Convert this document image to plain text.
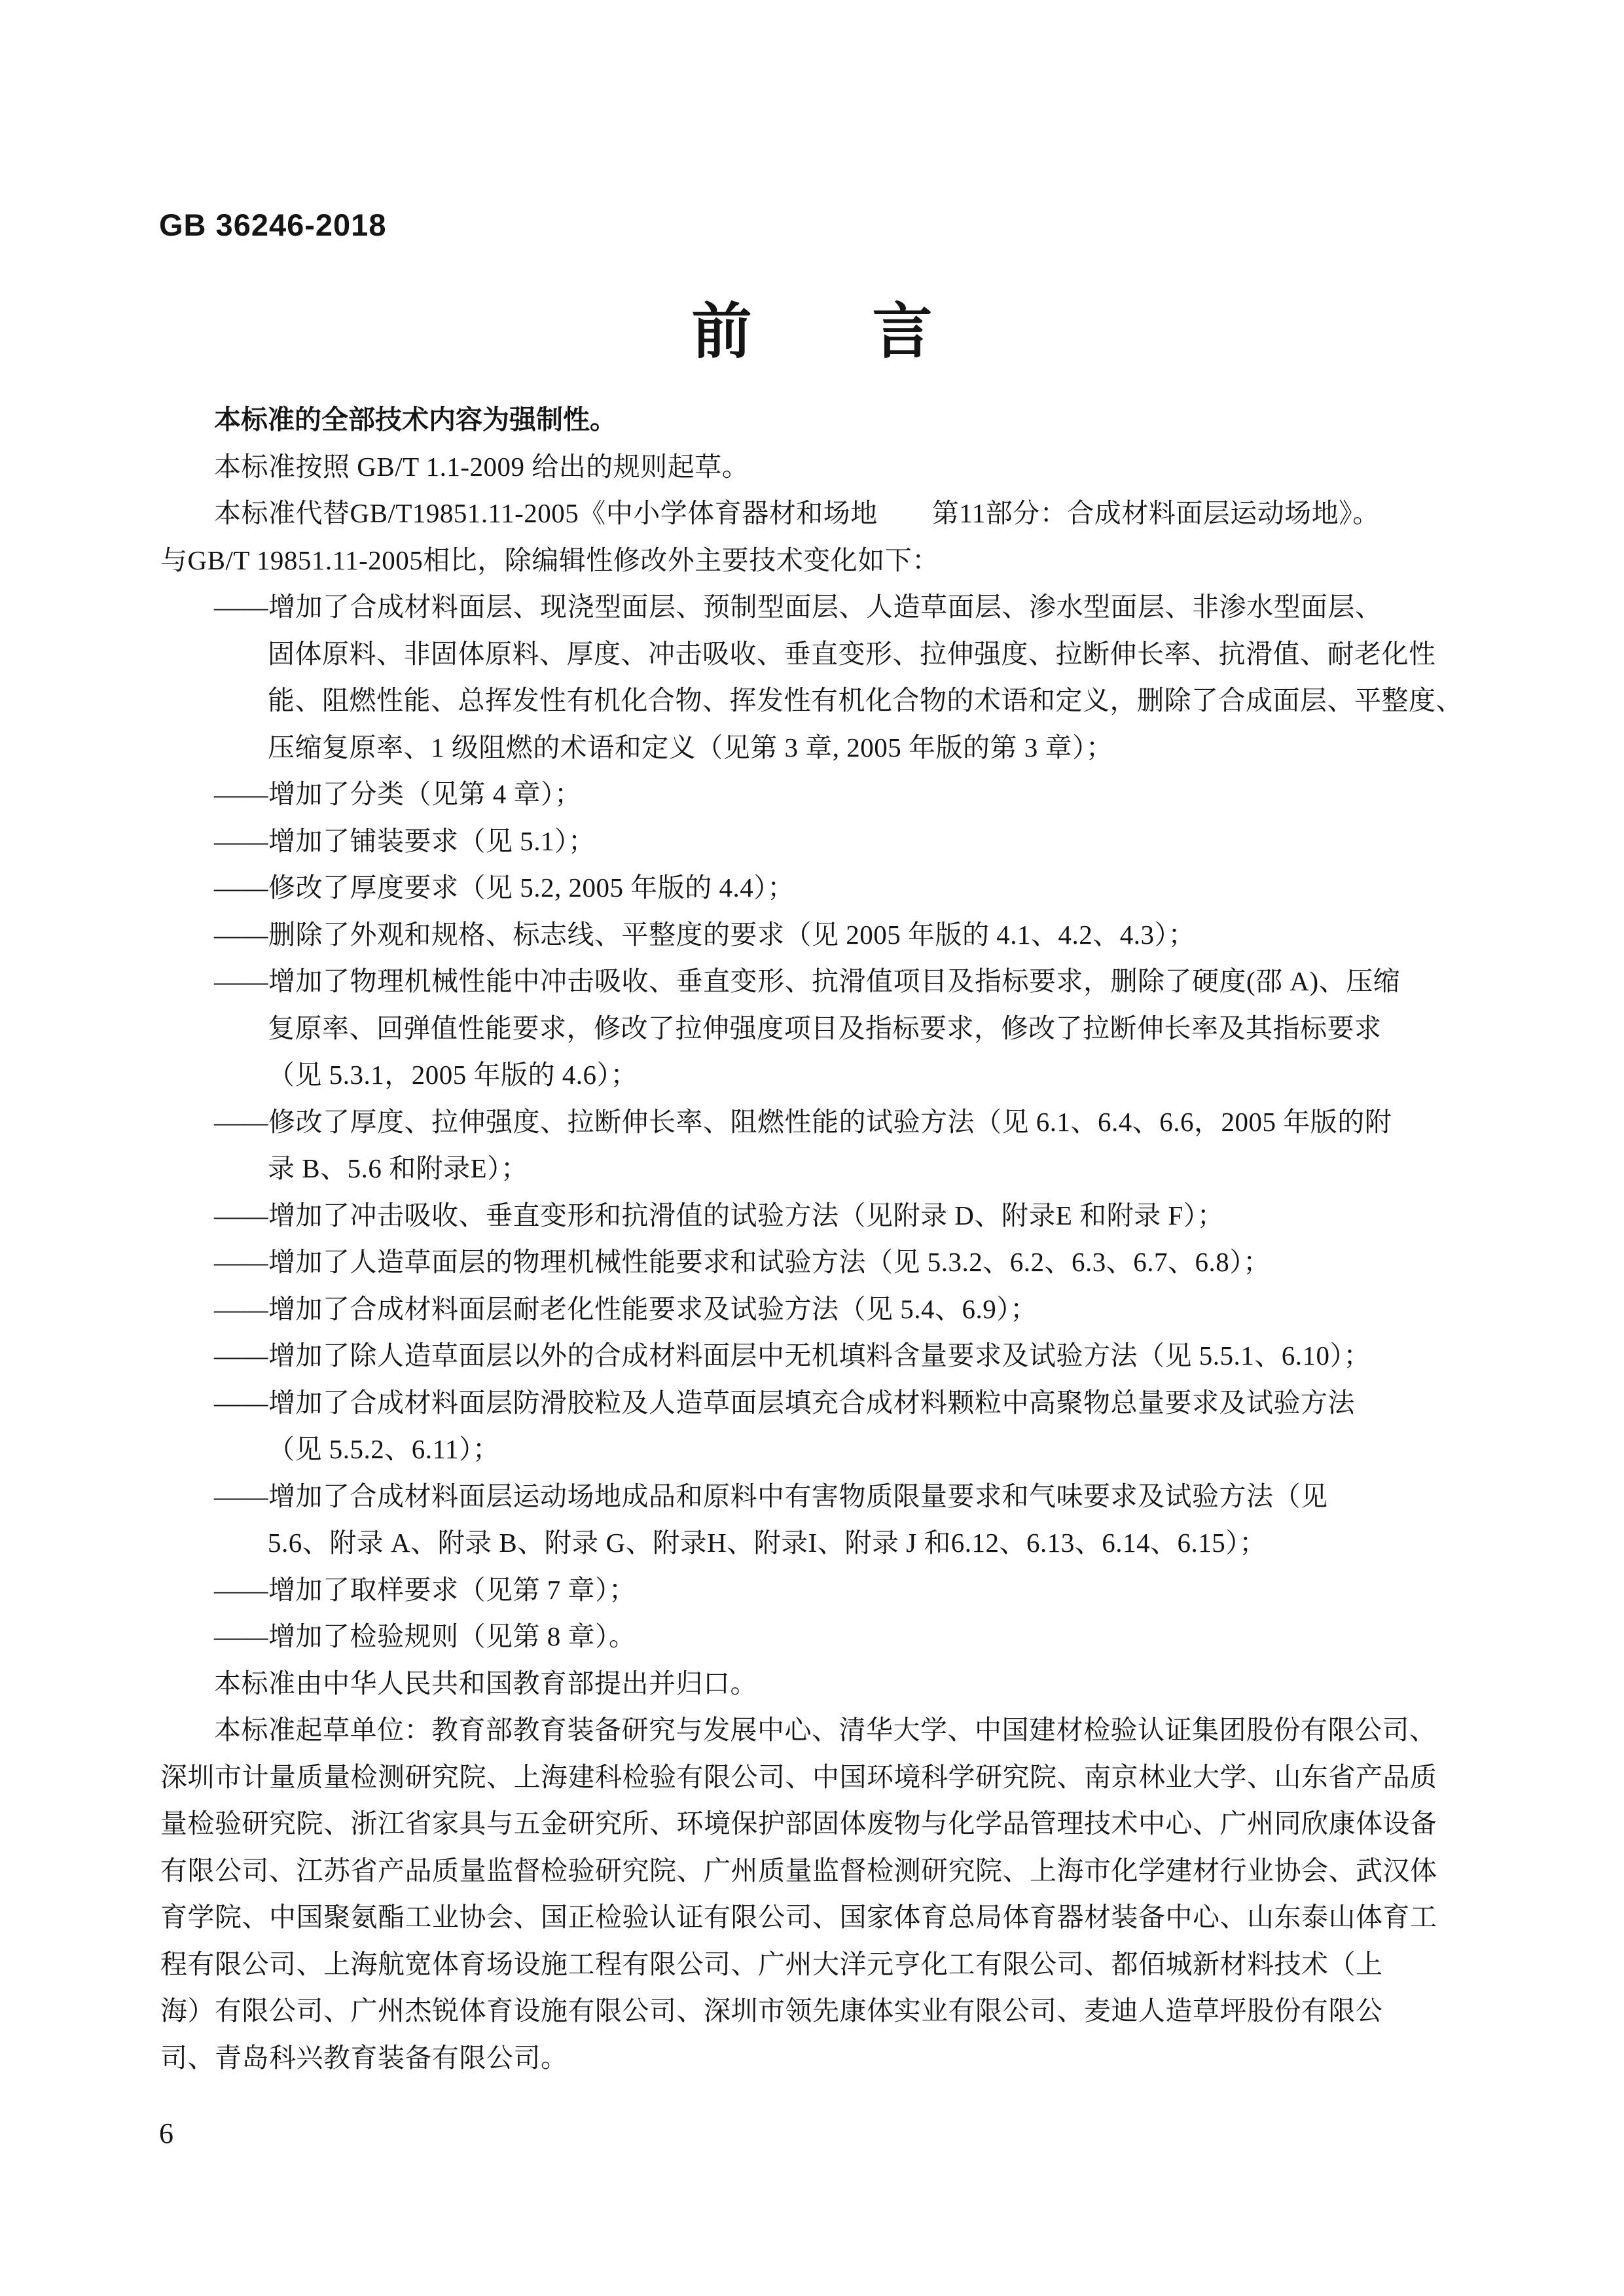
GB 36246-2018
前　　言
本标准的全部技术内容为强制性。
本标准按照 GB/T 1.1-2009 给出的规则起草。
本标准代替GB/T19851.11-2005《中小学体育器材和场地　　第11部分：合成材料面层运动场地》。
与GB/T 19851.11-2005相比，除编辑性修改外主要技术变化如下：
——增加了合成材料面层、现浇型面层、预制型面层、人造草面层、渗水型面层、非渗水型面层、
固体原料、非固体原料、厚度、冲击吸收、垂直变形、拉伸强度、拉断伸长率、抗滑值、耐老化性
能、阻燃性能、总挥发性有机化合物、挥发性有机化合物的术语和定义，删除了合成面层、平整度、
压缩复原率、1 级阻燃的术语和定义（见第 3 章, 2005 年版的第 3 章）；
——增加了分类（见第 4 章）；
——增加了铺装要求（见 5.1）；
——修改了厚度要求（见 5.2, 2005 年版的 4.4）；
——删除了外观和规格、标志线、平整度的要求（见 2005 年版的 4.1、4.2、4.3）；
——增加了物理机械性能中冲击吸收、垂直变形、抗滑值项目及指标要求，删除了硬度(邵 A)、压缩
复原率、回弹值性能要求，修改了拉伸强度项目及指标要求，修改了拉断伸长率及其指标要求
（见 5.3.1，2005 年版的 4.6）；
——修改了厚度、拉伸强度、拉断伸长率、阻燃性能的试验方法（见 6.1、6.4、6.6，2005 年版的附
录 B、5.6 和附录E）；
——增加了冲击吸收、垂直变形和抗滑值的试验方法（见附录 D、附录E 和附录 F）；
——增加了人造草面层的物理机械性能要求和试验方法（见 5.3.2、6.2、6.3、6.7、6.8）；
——增加了合成材料面层耐老化性能要求及试验方法（见 5.4、6.9）；
——增加了除人造草面层以外的合成材料面层中无机填料含量要求及试验方法（见 5.5.1、6.10）；
——增加了合成材料面层防滑胶粒及人造草面层填充合成材料颗粒中高聚物总量要求及试验方法
（见 5.5.2、6.11）；
——增加了合成材料面层运动场地成品和原料中有害物质限量要求和气味要求及试验方法（见
5.6、附录 A、附录 B、附录 G、附录H、附录I、附录 J 和6.12、6.13、6.14、6.15）；
——增加了取样要求（见第 7 章）；
——增加了检验规则（见第 8 章）。
本标准由中华人民共和国教育部提出并归口。
本标准起草单位：教育部教育装备研究与发展中心、清华大学、中国建材检验认证集团股份有限公司、
深圳市计量质量检测研究院、上海建科检验有限公司、中国环境科学研究院、南京林业大学、山东省产品质
量检验研究院、浙江省家具与五金研究所、环境保护部固体废物与化学品管理技术中心、广州同欣康体设备
有限公司、江苏省产品质量监督检验研究院、广州质量监督检测研究院、上海市化学建材行业协会、武汉体
育学院、中国聚氨酯工业协会、国正检验认证有限公司、国家体育总局体育器材装备中心、山东泰山体育工
程有限公司、上海航宽体育场设施工程有限公司、广州大洋元亨化工有限公司、都佰城新材料技术（上
海）有限公司、广州杰锐体育设施有限公司、深圳市领先康体实业有限公司、麦迪人造草坪股份有限公
司、青岛科兴教育装备有限公司。
6
